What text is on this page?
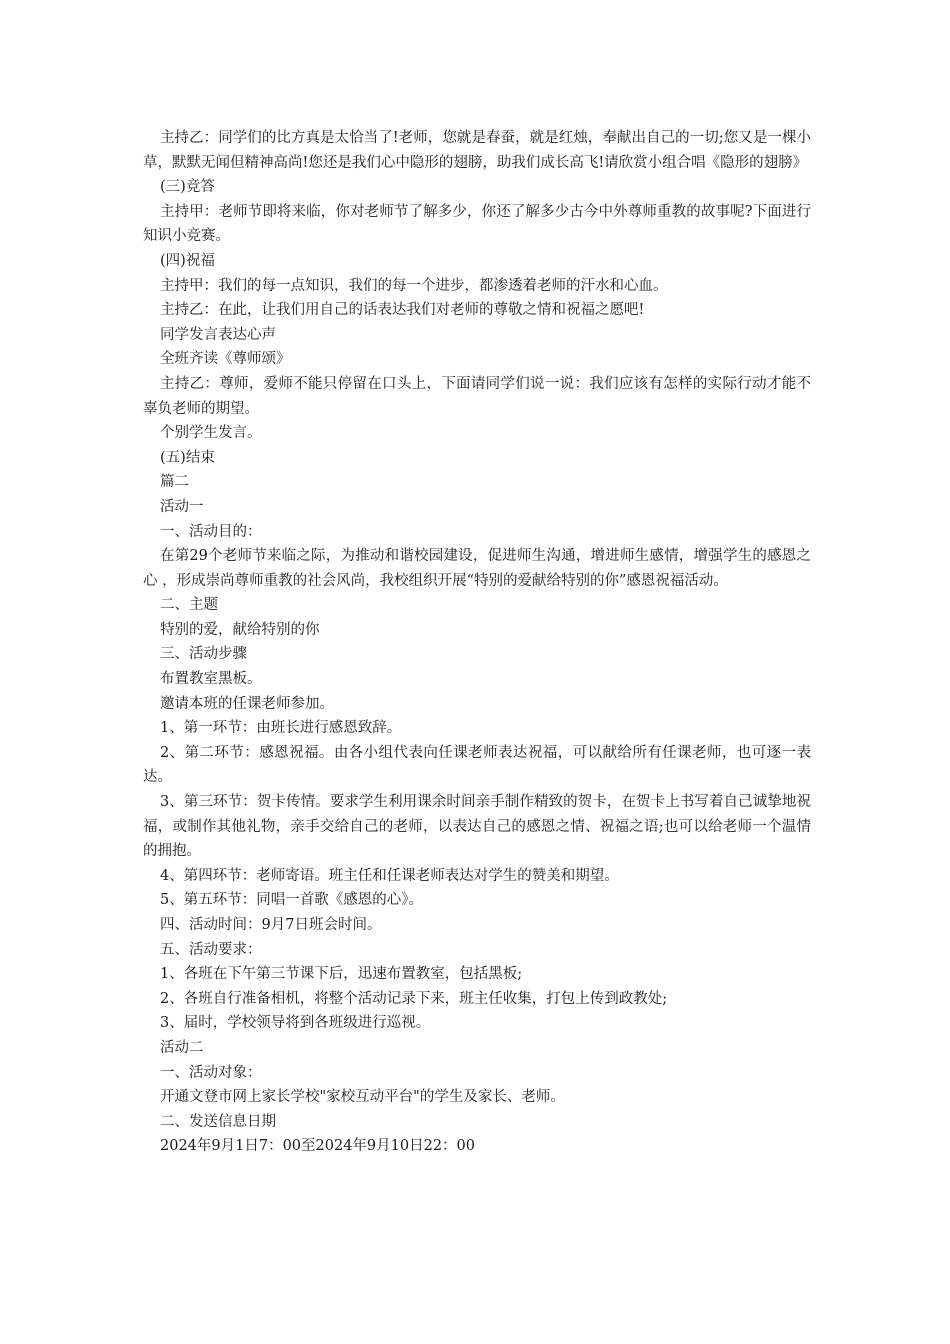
主持乙：同学们的比方真是太恰当了!老师，您就是春蚕，就是红烛，奉献出自己的一切;您又是一棵小草，默默无闻但精神高尚!您还是我们心中隐形的翅膀，助我们成长高飞!请欣赏小组合唱《隐形的翅膀》

(三)竞答

主持甲：老师节即将来临，你对老师节了解多少，你还了解多少古今中外尊师重教的故事呢?下面进行知识小竞赛。

(四)祝福

主持甲：我们的每一点知识，我们的每一个进步，都渗透着老师的汗水和心血。

主持乙：在此，让我们用自己的话表达我们对老师的尊敬之情和祝福之愿吧!

同学发言表达心声

全班齐读《尊师颂》

主持乙：尊师，爱师不能只停留在口头上，下面请同学们说一说：我们应该有怎样的实际行动才能不辜负老师的期望。

个别学生发言。

(五)结束

篇二

活动一

一、活动目的：

在第29个老师节来临之际，为推动和谐校园建设，促进师生沟通，增进师生感情，增强学生的感恩之心 ，形成崇尚尊师重教的社会风尚，我校组织开展“特别的爱献给特别的你”感恩祝福活动。

二、主题

特别的爱，献给特别的你

三、活动步骤

布置教室黑板。

邀请本班的任课老师参加。

1、第一环节：由班长进行感恩致辞。

2、第二环节：感恩祝福。由各小组代表向任课老师表达祝福，可以献给所有任课老师，也可逐一表达。

3、第三环节：贺卡传情。要求学生利用课余时间亲手制作精致的贺卡，在贺卡上书写着自己诚挚地祝福，或制作其他礼物，亲手交给自己的老师，以表达自己的感恩之情、祝福之语;也可以给老师一个温情的拥抱。

4、第四环节：老师寄语。班主任和任课老师表达对学生的赞美和期望。

5、第五环节：同唱一首歌《感恩的心》。

四、活动时间：9月7日班会时间。

五、活动要求：

1、各班在下午第三节课下后，迅速布置教室，包括黑板;

2、各班自行准备相机，将整个活动记录下来，班主任收集，打包上传到政教处;

3、届时，学校领导将到各班级进行巡视。

活动二

一、活动对象：

开通文登市网上家长学校"家校互动平台"的学生及家长、老师。

二、发送信息日期

2024年9月1日7：00至2024年9月10日22：00
